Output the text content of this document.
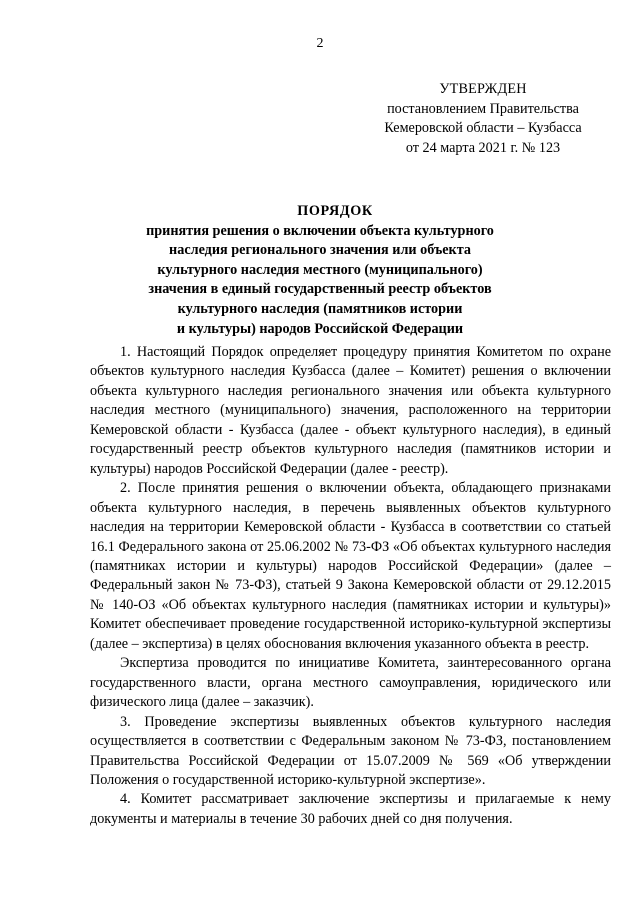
2
УТВЕРЖДЕН
постановлением Правительства
Кемеровской области – Кузбасса
от 24 марта 2021 г. № 123
ПОРЯДОК
принятия решения о включении объекта культурного
наследия регионального значения или объекта
культурного наследия местного (муниципального)
значения в единый государственный реестр объектов
культурного наследия (памятников истории
и культуры) народов Российской Федерации

1. Настоящий Порядок определяет процедуру принятия Комитетом по охране объектов культурного наследия Кузбасса (далее – Комитет) решения о включении объекта культурного наследия регионального значения или объекта культурного наследия местного (муниципального) значения, расположенного на территории Кемеровской области - Кузбасса (далее - объект культурного наследия), в единый государственный реестр объектов культурного наследия (памятников истории и культуры) народов Российской Федерации (далее - реестр).

2. После принятия решения о включении объекта, обладающего признаками объекта культурного наследия, в перечень выявленных объектов культурного наследия на территории Кемеровской области - Кузбасса в соответствии со статьей 16.1 Федерального закона от 25.06.2002 № 73-ФЗ «Об объектах культурного наследия (памятниках истории и культуры) народов Российской Федерации» (далее – Федеральный закон № 73-ФЗ), статьей 9 Закона Кемеровской области от 29.12.2015 № 140-ОЗ «Об объектах культурного наследия (памятниках истории и культуры)» Комитет обеспечивает проведение государственной историко-культурной экспертизы (далее – экспертиза) в целях обоснования включения указанного объекта в реестр.

Экспертиза проводится по инициативе Комитета, заинтересованного органа государственного власти, органа местного самоуправления, юридического или физического лица (далее – заказчик).

3. Проведение экспертизы выявленных объектов культурного наследия осуществляется в соответствии с Федеральным законом № 73-ФЗ, постановлением Правительства Российской Федерации от 15.07.2009 № 569 «Об утверждении Положения о государственной историко-культурной экспертизе».

4. Комитет рассматривает заключение экспертизы и прилагаемые к нему документы и материалы в течение 30 рабочих дней со дня получения.
